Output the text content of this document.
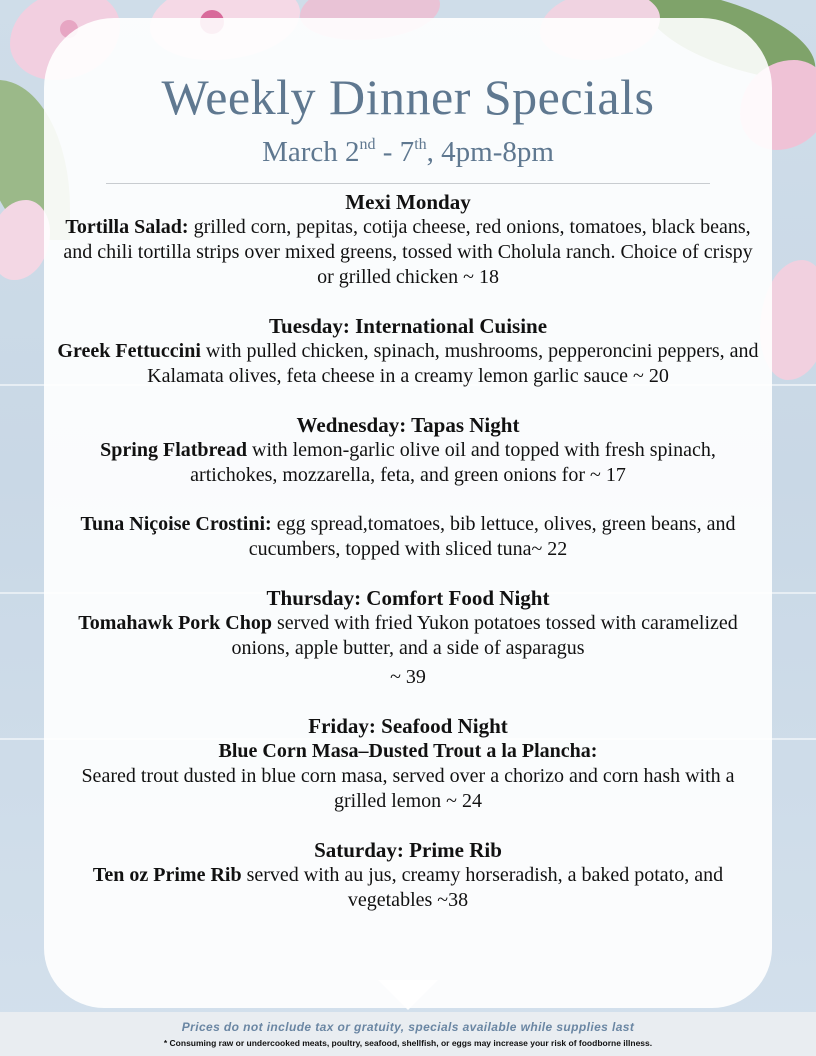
Weekly Dinner Specials
March 2nd - 7th, 4pm-8pm
Mexi Monday
Tortilla Salad: grilled corn, pepitas, cotija cheese, red onions, tomatoes, black beans, and chili tortilla strips over mixed greens, tossed with Cholula ranch. Choice of crispy or grilled chicken ~ 18
Tuesday: International Cuisine
Greek Fettuccini with pulled chicken, spinach, mushrooms, pepperoncini peppers, and Kalamata olives, feta cheese in a creamy lemon garlic sauce ~ 20
Wednesday: Tapas Night
Spring Flatbread with lemon-garlic olive oil and topped with fresh spinach, artichokes, mozzarella, feta, and green onions for ~ 17
Tuna Niçoise Crostini: egg spread,tomatoes, bib lettuce, olives, green beans, and cucumbers, topped with sliced tuna~ 22
Thursday: Comfort Food Night
Tomahawk Pork Chop served with fried Yukon potatoes tossed with caramelized onions, apple butter, and a side of asparagus
~ 39
Friday: Seafood Night
Blue Corn Masa–Dusted Trout a la Plancha:
Seared trout dusted in blue corn masa, served over a chorizo and corn hash with a grilled lemon ~ 24
Saturday: Prime Rib
Ten oz Prime Rib served with au jus, creamy horseradish, a baked potato, and vegetables ~38
Prices do not include tax or gratuity, specials available while supplies last
* Consuming raw or undercooked meats, poultry, seafood, shellfish, or eggs may increase your risk of foodborne illness.
